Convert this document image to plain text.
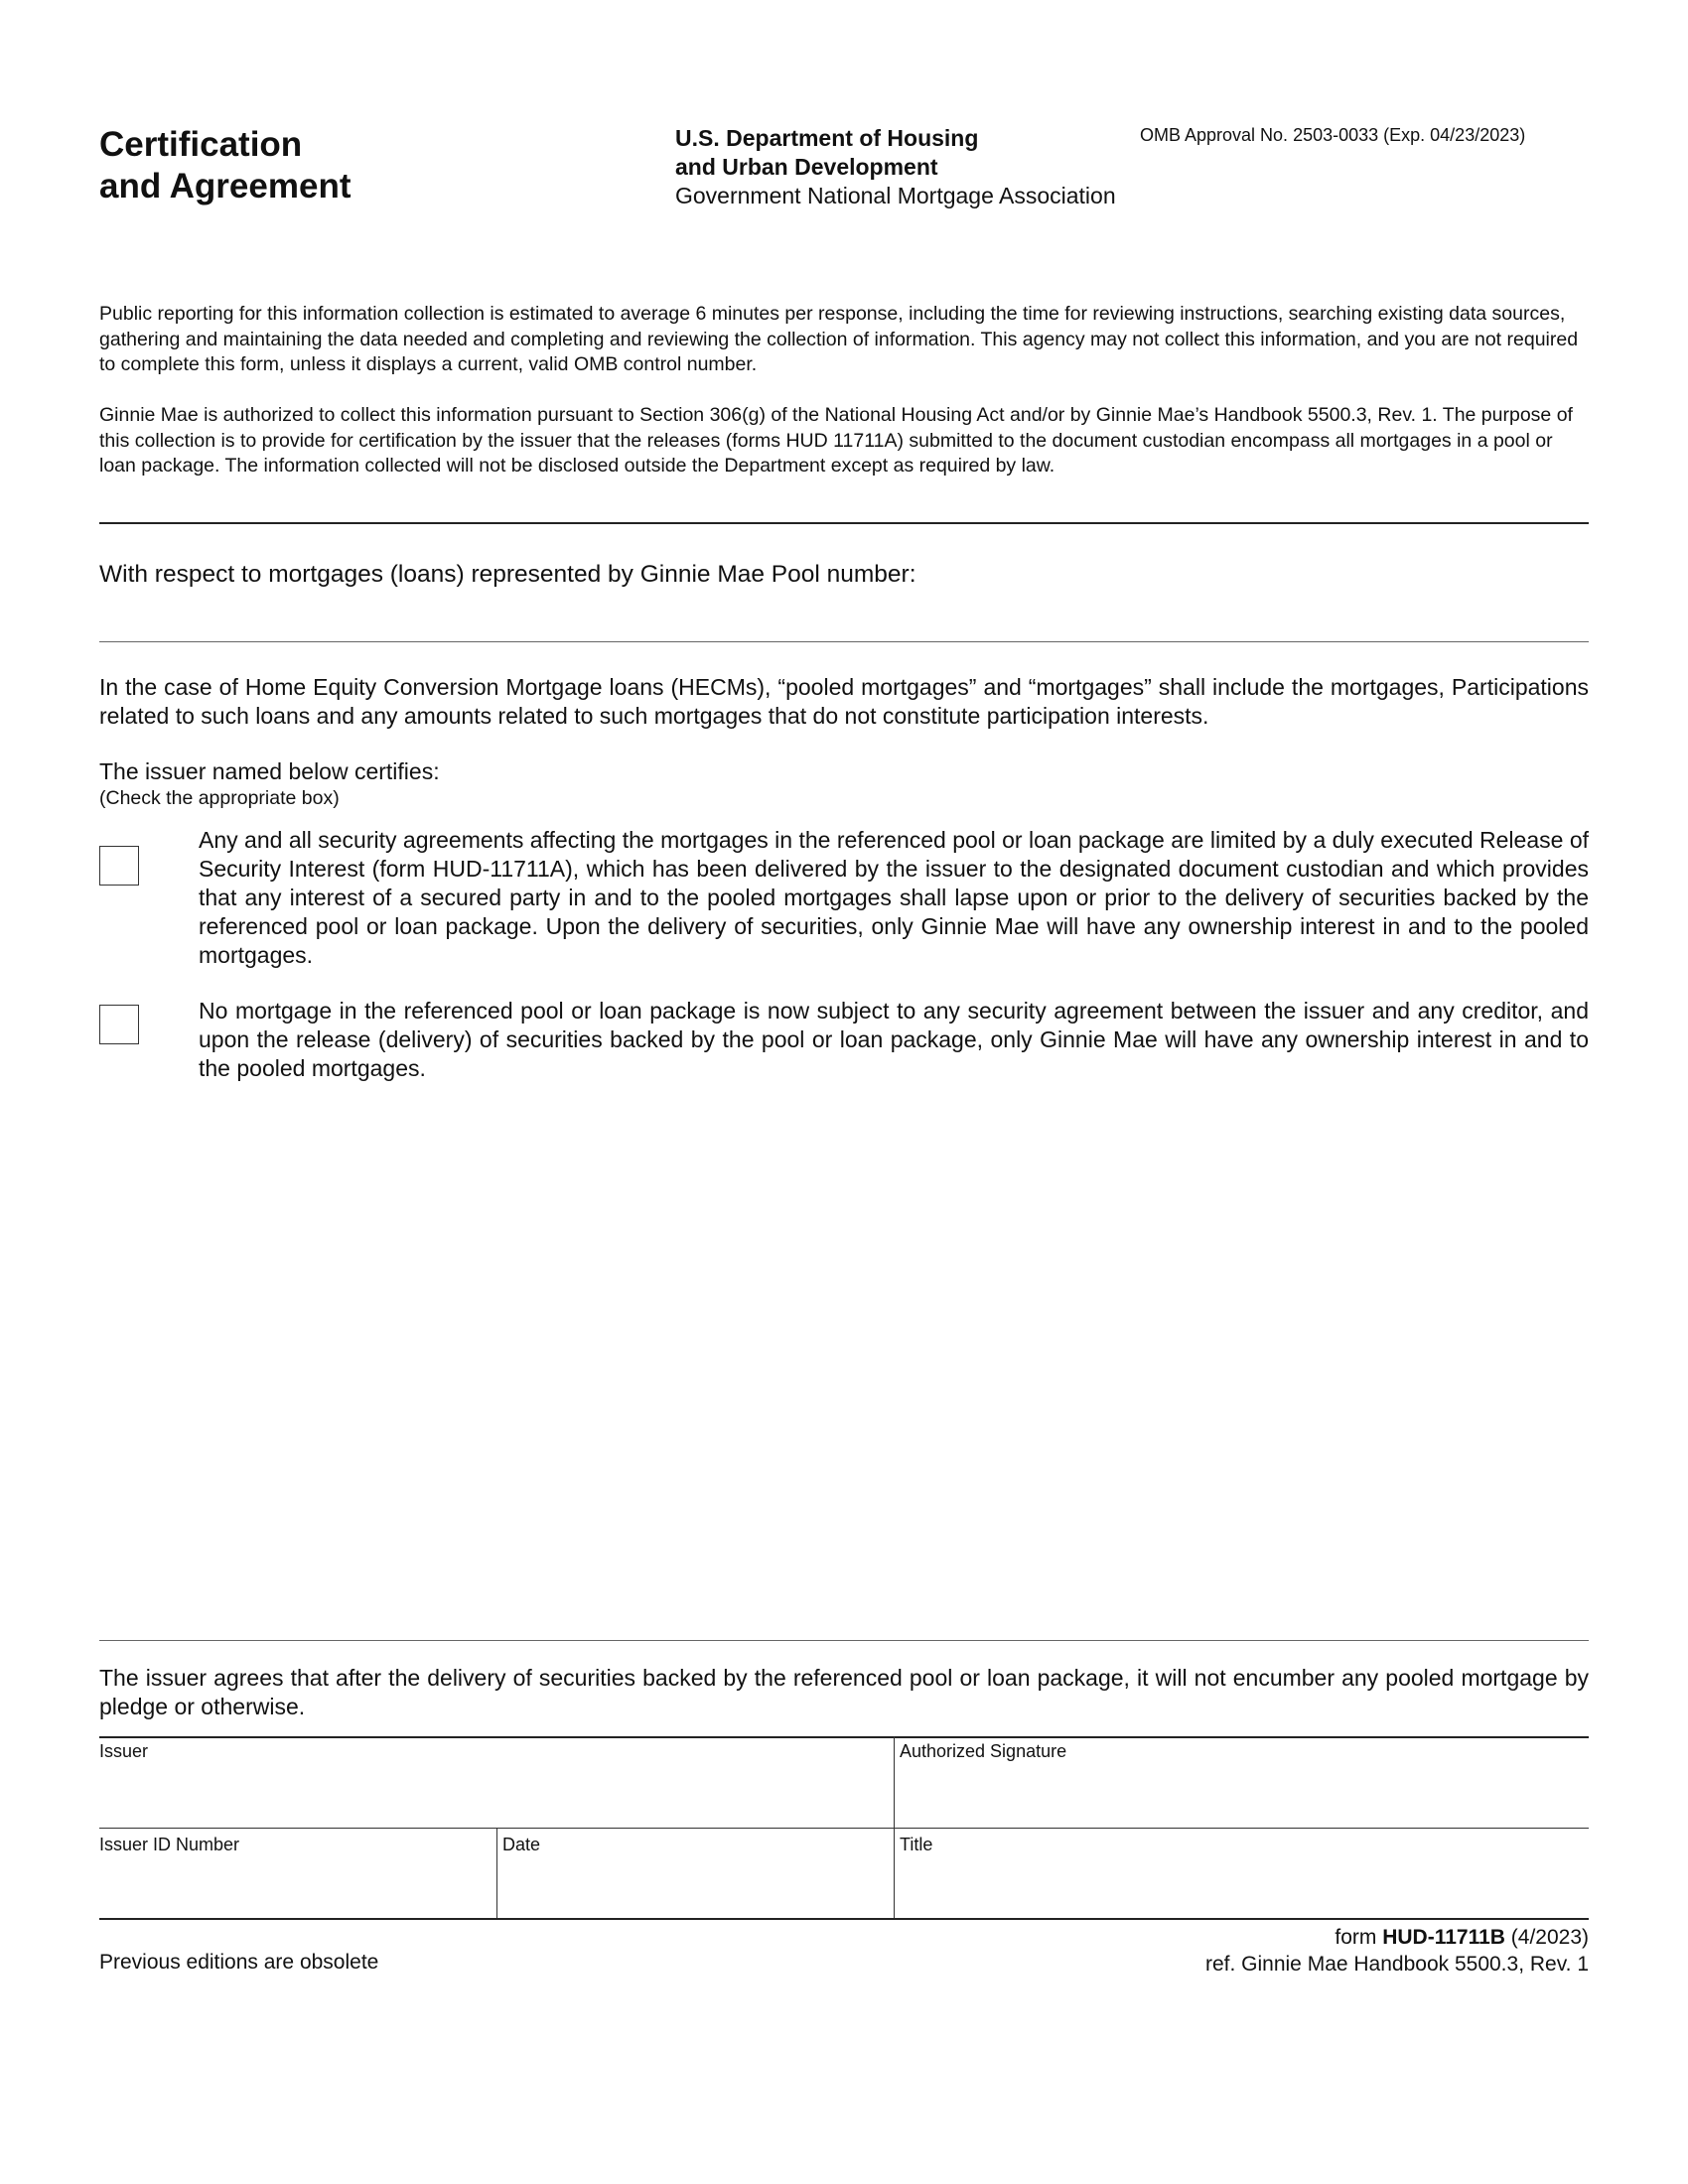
Certification
and Agreement
U.S. Department of Housing
and Urban Development
Government National Mortgage Association
OMB Approval No. 2503-0033 (Exp. 04/23/2023)
Public reporting for this information collection is estimated to average 6 minutes per response, including the time for reviewing instructions, searching existing data sources, gathering and maintaining the data needed and completing and reviewing the collection of information. This agency may not collect this information, and you are not required to complete this form, unless it displays a current, valid OMB control number.
Ginnie Mae is authorized to collect this information pursuant to Section 306(g) of the National Housing Act and/or by Ginnie Mae’s Handbook 5500.3, Rev. 1. The purpose of this collection is to provide for certification by the issuer that the releases (forms HUD 11711A) submitted to the document custodian encompass all mortgages in a pool or loan package. The information collected will not be disclosed outside the Department except as required by law.
With respect to mortgages (loans) represented by Ginnie Mae Pool number:
In the case of Home Equity Conversion Mortgage loans (HECMs), “pooled mortgages” and “mortgages” shall include the mortgages, Participations related to such loans and any amounts related to such mortgages that do not constitute participation interests.
The issuer named below certifies:
(Check the appropriate box)
Any and all security agreements affecting the mortgages in the referenced pool or loan package are limited by a duly executed Release of Security Interest (form HUD-11711A), which has been delivered by the issuer to the designated document custodian and which provides that any interest of a secured party in and to the pooled mortgages shall lapse upon or prior to the delivery of securities backed by the referenced pool or loan package. Upon the delivery of securities, only Ginnie Mae will have any ownership interest in and to the pooled mortgages.
No mortgage in the referenced pool or loan package is now subject to any security agreement between the issuer and any creditor, and upon the release (delivery) of securities backed by the pool or loan package, only Ginnie Mae will have any ownership interest in and to the pooled mortgages.
The issuer agrees that after the delivery of securities backed by the referenced pool or loan package, it will not encumber any pooled mortgage by pledge or otherwise.
Issuer	Authorized Signature
Issuer ID Number	Date	Title
Previous editions are obsolete
form HUD-11711B (4/2023)
ref. Ginnie Mae Handbook 5500.3, Rev. 1
